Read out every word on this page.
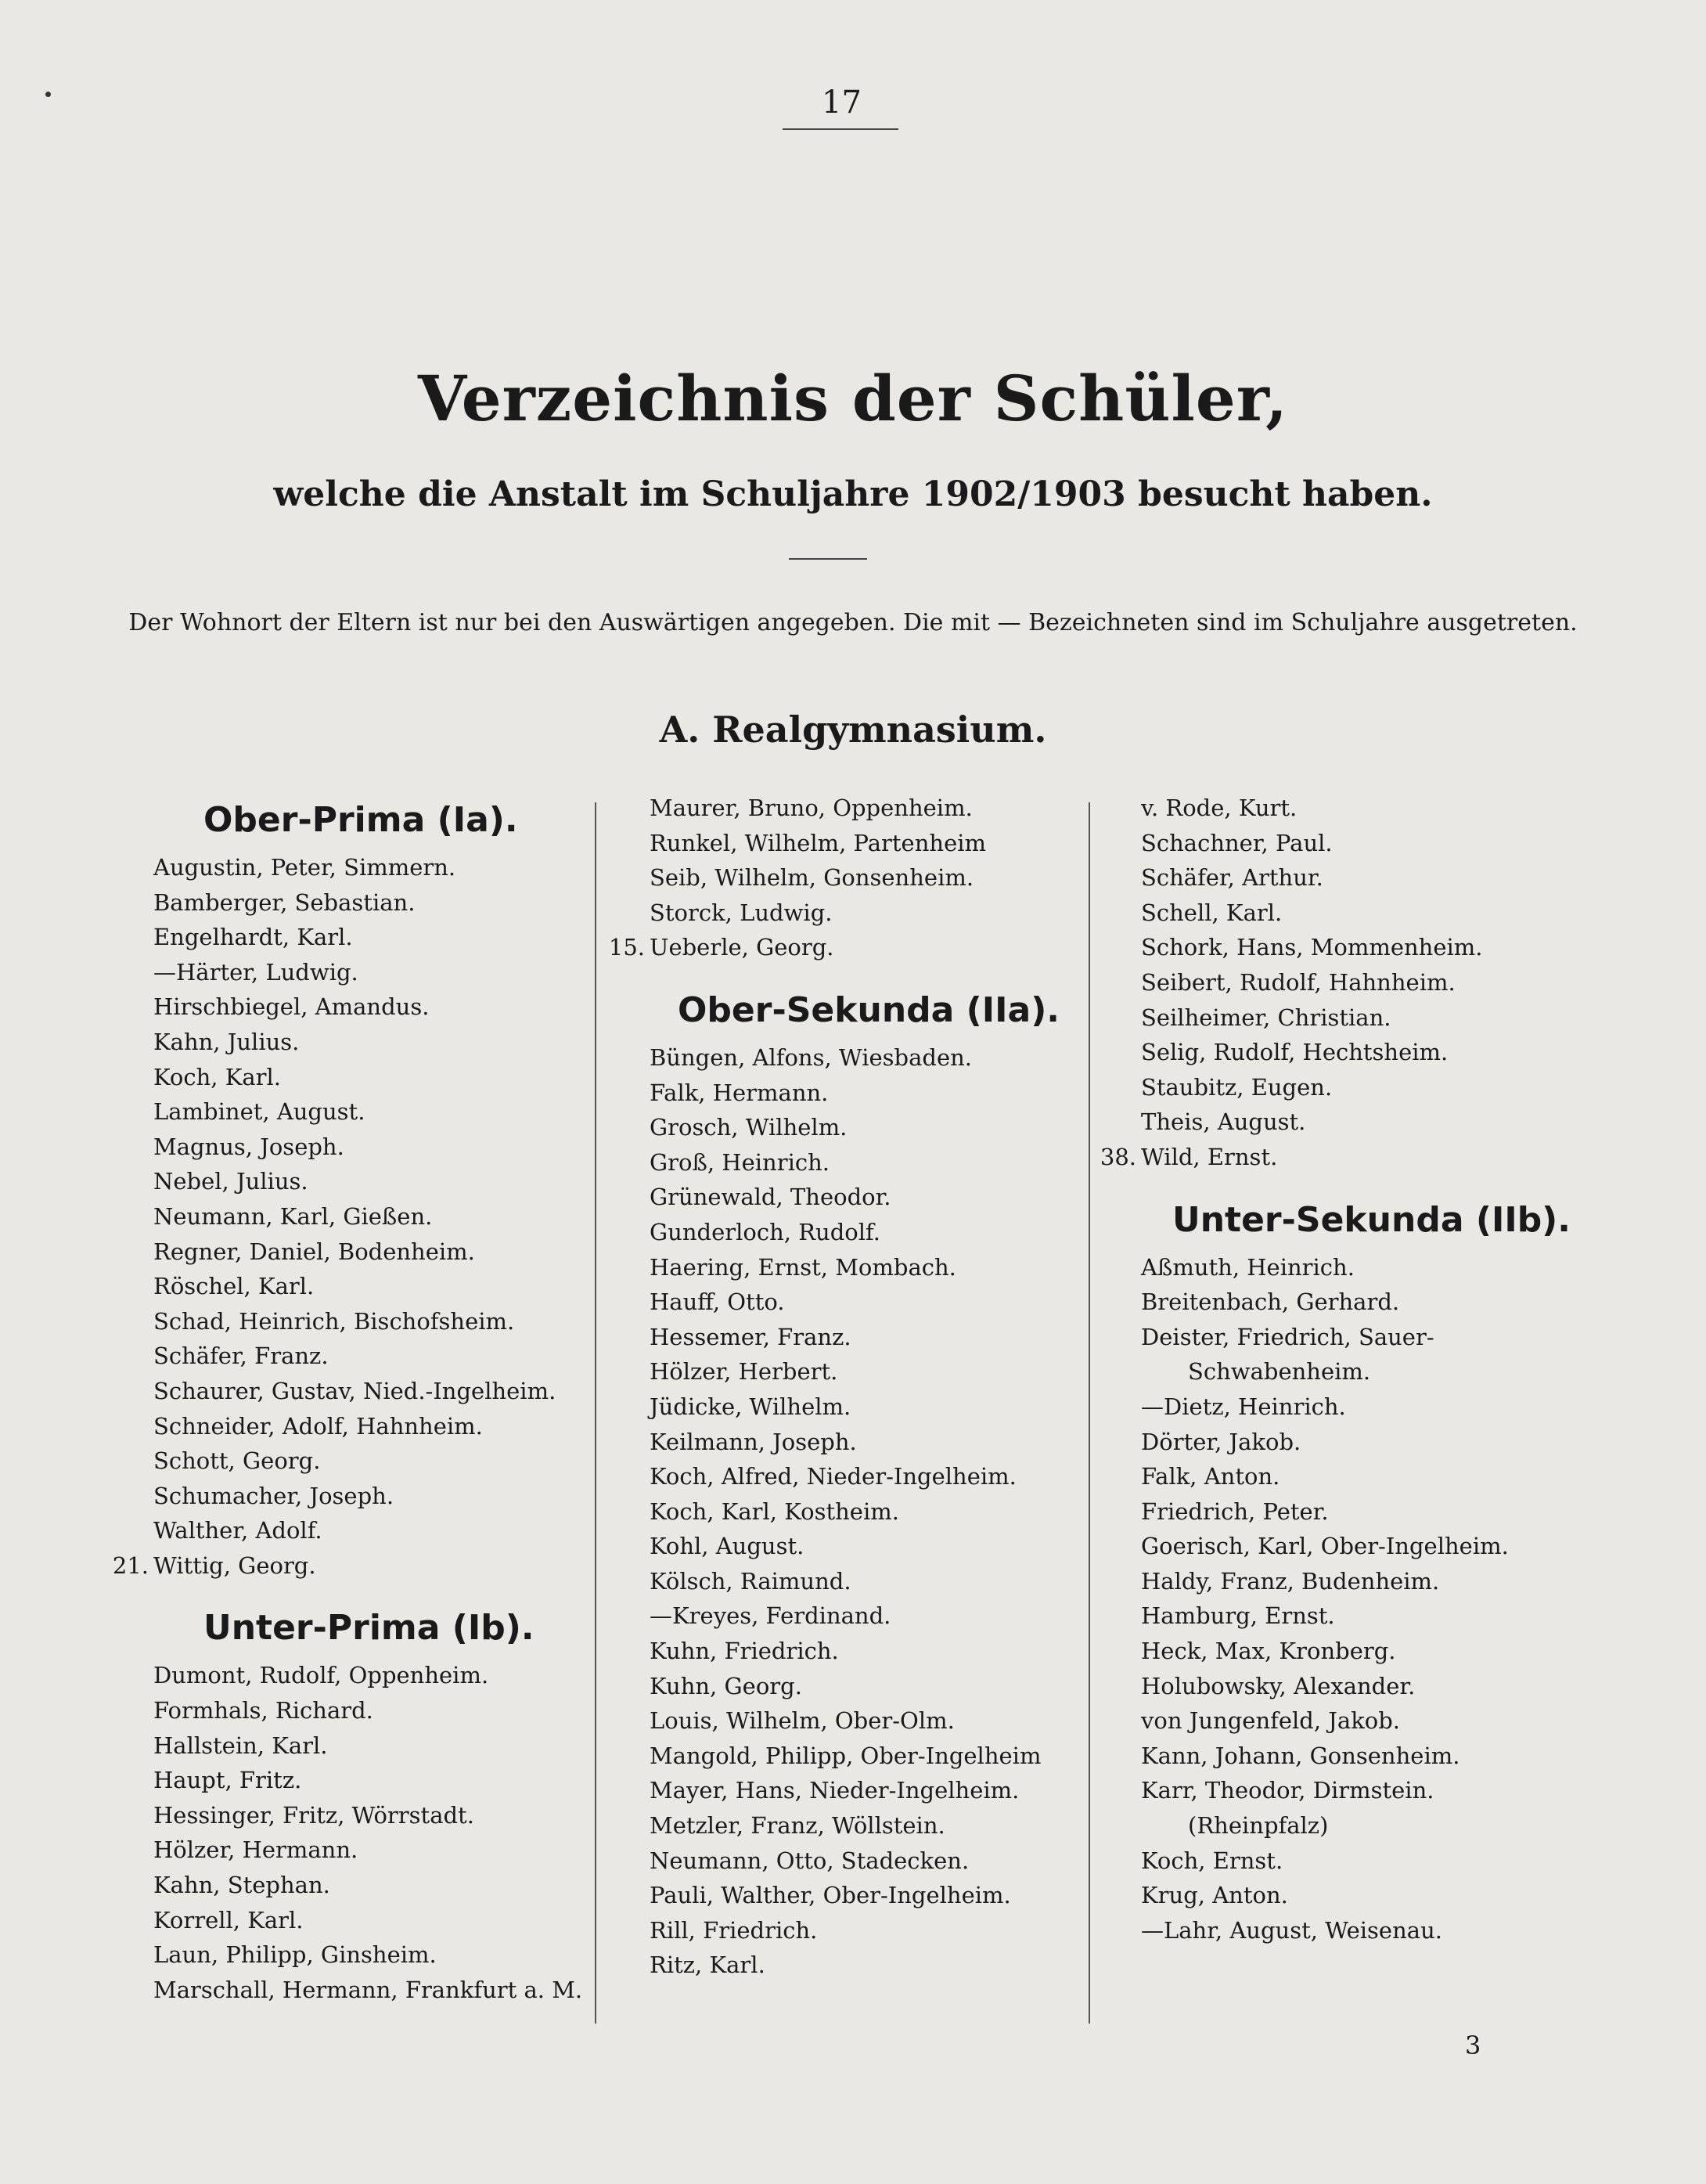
17
Verzeichnis der Schüler,
welche die Anstalt im Schuljahre 1902/1903 besucht haben.
Der Wohnort der Eltern ist nur bei den Auswärtigen angegeben. Die mit — Bezeichneten sind im Schuljahre ausgetreten.
A. Realgymnasium.
Ober-Prima (Ia).
Augustin, Peter, Simmern.
Bamberger, Sebastian.
Engelhardt, Karl.
—Härter, Ludwig.
Hirschbiegel, Amandus.
Kahn, Julius.
Koch, Karl.
Lambinet, August.
Magnus, Joseph.
Nebel, Julius.
Neumann, Karl, Gießen.
Regner, Daniel, Bodenheim.
Röschel, Karl.
Schad, Heinrich, Bischofsheim.
Schäfer, Franz.
Schaurer, Gustav, Nied.-Ingelheim.
Schneider, Adolf, Hahnheim.
Schott, Georg.
Schumacher, Joseph.
Walther, Adolf.
21. Wittig, Georg.
Unter-Prima (Ib).
Dumont, Rudolf, Oppenheim.
Formhals, Richard.
Hallstein, Karl.
Haupt, Fritz.
Hessinger, Fritz, Wörrstadt.
Hölzer, Hermann.
Kahn, Stephan.
Korrell, Karl.
Laun, Philipp, Ginsheim.
Marschall, Hermann, Frankfurt a. M.
Maurer, Bruno, Oppenheim.
Runkel, Wilhelm, Partenheim
Seib, Wilhelm, Gonsenheim.
Storck, Ludwig.
15. Ueberle, Georg.
Ober-Sekunda (IIa).
Büngen, Alfons, Wiesbaden.
Falk, Hermann.
Grosch, Wilhelm.
Groß, Heinrich.
Grünewald, Theodor.
Gunderloch, Rudolf.
Haering, Ernst, Mombach.
Hauff, Otto.
Hessemer, Franz.
Hölzer, Herbert.
Jüdicke, Wilhelm.
Keilmann, Joseph.
Koch, Alfred, Nieder-Ingelheim.
Koch, Karl, Kostheim.
Kohl, August.
Kölsch, Raimund.
—Kreyes, Ferdinand.
Kuhn, Friedrich.
Kuhn, Georg.
Louis, Wilhelm, Ober-Olm.
Mangold, Philipp, Ober-Ingelheim
Mayer, Hans, Nieder-Ingelheim.
Metzler, Franz, Wöllstein.
Neumann, Otto, Stadecken.
Pauli, Walther, Ober-Ingelheim.
Rill, Friedrich.
Ritz, Karl.
v. Rode, Kurt.
Schachner, Paul.
Schäfer, Arthur.
Schell, Karl.
Schork, Hans, Mommenheim.
Seibert, Rudolf, Hahnheim.
Seilheimer, Christian.
Selig, Rudolf, Hechtsheim.
Staubitz, Eugen.
Theis, August.
38. Wild, Ernst.
Unter-Sekunda (IIb).
Aßmuth, Heinrich.
Breitenbach, Gerhard.
Deister, Friedrich, Sauer-
Schwabenheim.
—Dietz, Heinrich.
Dörter, Jakob.
Falk, Anton.
Friedrich, Peter.
Goerisch, Karl, Ober-Ingelheim.
Haldy, Franz, Budenheim.
Hamburg, Ernst.
Heck, Max, Kronberg.
Holubowsky, Alexander.
von Jungenfeld, Jakob.
Kann, Johann, Gonsenheim.
Karr, Theodor, Dirmstein.
(Rheinpfalz)
Koch, Ernst.
Krug, Anton.
—Lahr, August, Weisenau.
3
